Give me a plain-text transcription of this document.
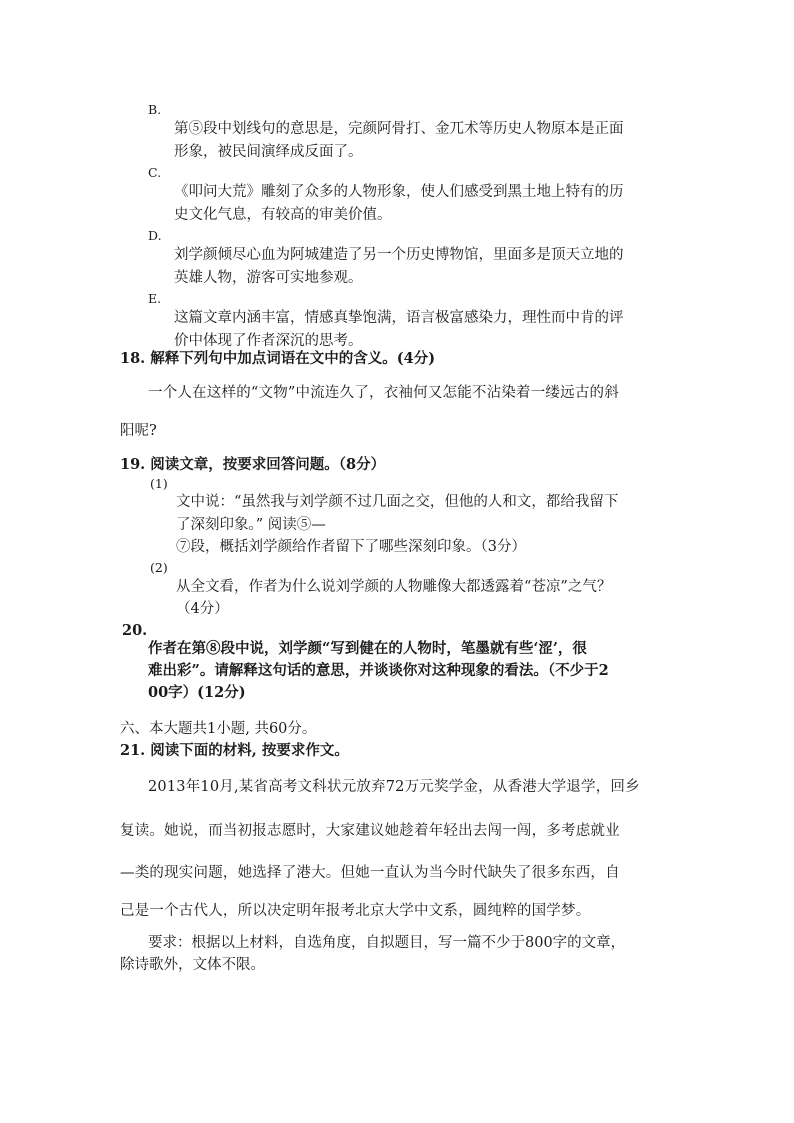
B.

第⑤段中划线句的意思是，完颜阿骨打、金兀术等历史人物原本是正面

形象，被民间演绎成反面了。

C.

《叩问大荒》雕刻了众多的人物形象，使人们感受到黑土地上特有的历

史文化气息，有较高的审美价值。

D.

刘学颜倾尽心血为阿城建造了另一个历史博物馆，里面多是顶天立地的

英雄人物，游客可实地参观。

E.

这篇文章内涵丰富，情感真挚饱满，语言极富感染力，理性而中肯的评

价中体现了作者深沉的思考。

18. 解释下列句中加点词语在文中的含义。(4分)

一个人在这样的“文物”中流连久了，衣袖何又怎能不沾染着一缕远古的斜

阳呢?

19. 阅读文章，按要求回答问题。（8分）

(1)

文中说：“虽然我与刘学颜不过几面之交，但他的人和文，都给我留下

了深刻印象。” 阅读⑤—

⑦段，概括刘学颜给作者留下了哪些深刻印象。（3分）

(2)

从全文看，作者为什么说刘学颜的人物雕像大都透露着“苍凉”之气？

（4分）

20.

作者在第⑧段中说，刘学颜“写到健在的人物时，笔墨就有些‘涩’，很

难出彩”。请解释这句话的意思，并谈谈你对这种现象的看法。（不少于2

00字）(12分)

六、本大题共1小题, 共60分。

21. 阅读下面的材料, 按要求作文。

2013年10月,某省高考文科状元放弃72万元奖学金，从香港大学退学，回乡

复读。她说，而当初报志愿时，大家建议她趁着年轻出去闯一闯，多考虑就业

—类的现实问题，她选择了港大。但她一直认为当今时代缺失了很多东西，自

己是一个古代人，所以决定明年报考北京大学中文系，圆纯粹的国学梦。

要求：根据以上材料，自选角度，自拟题目，写一篇不少于800字的文章，

除诗歌外，文体不限。
